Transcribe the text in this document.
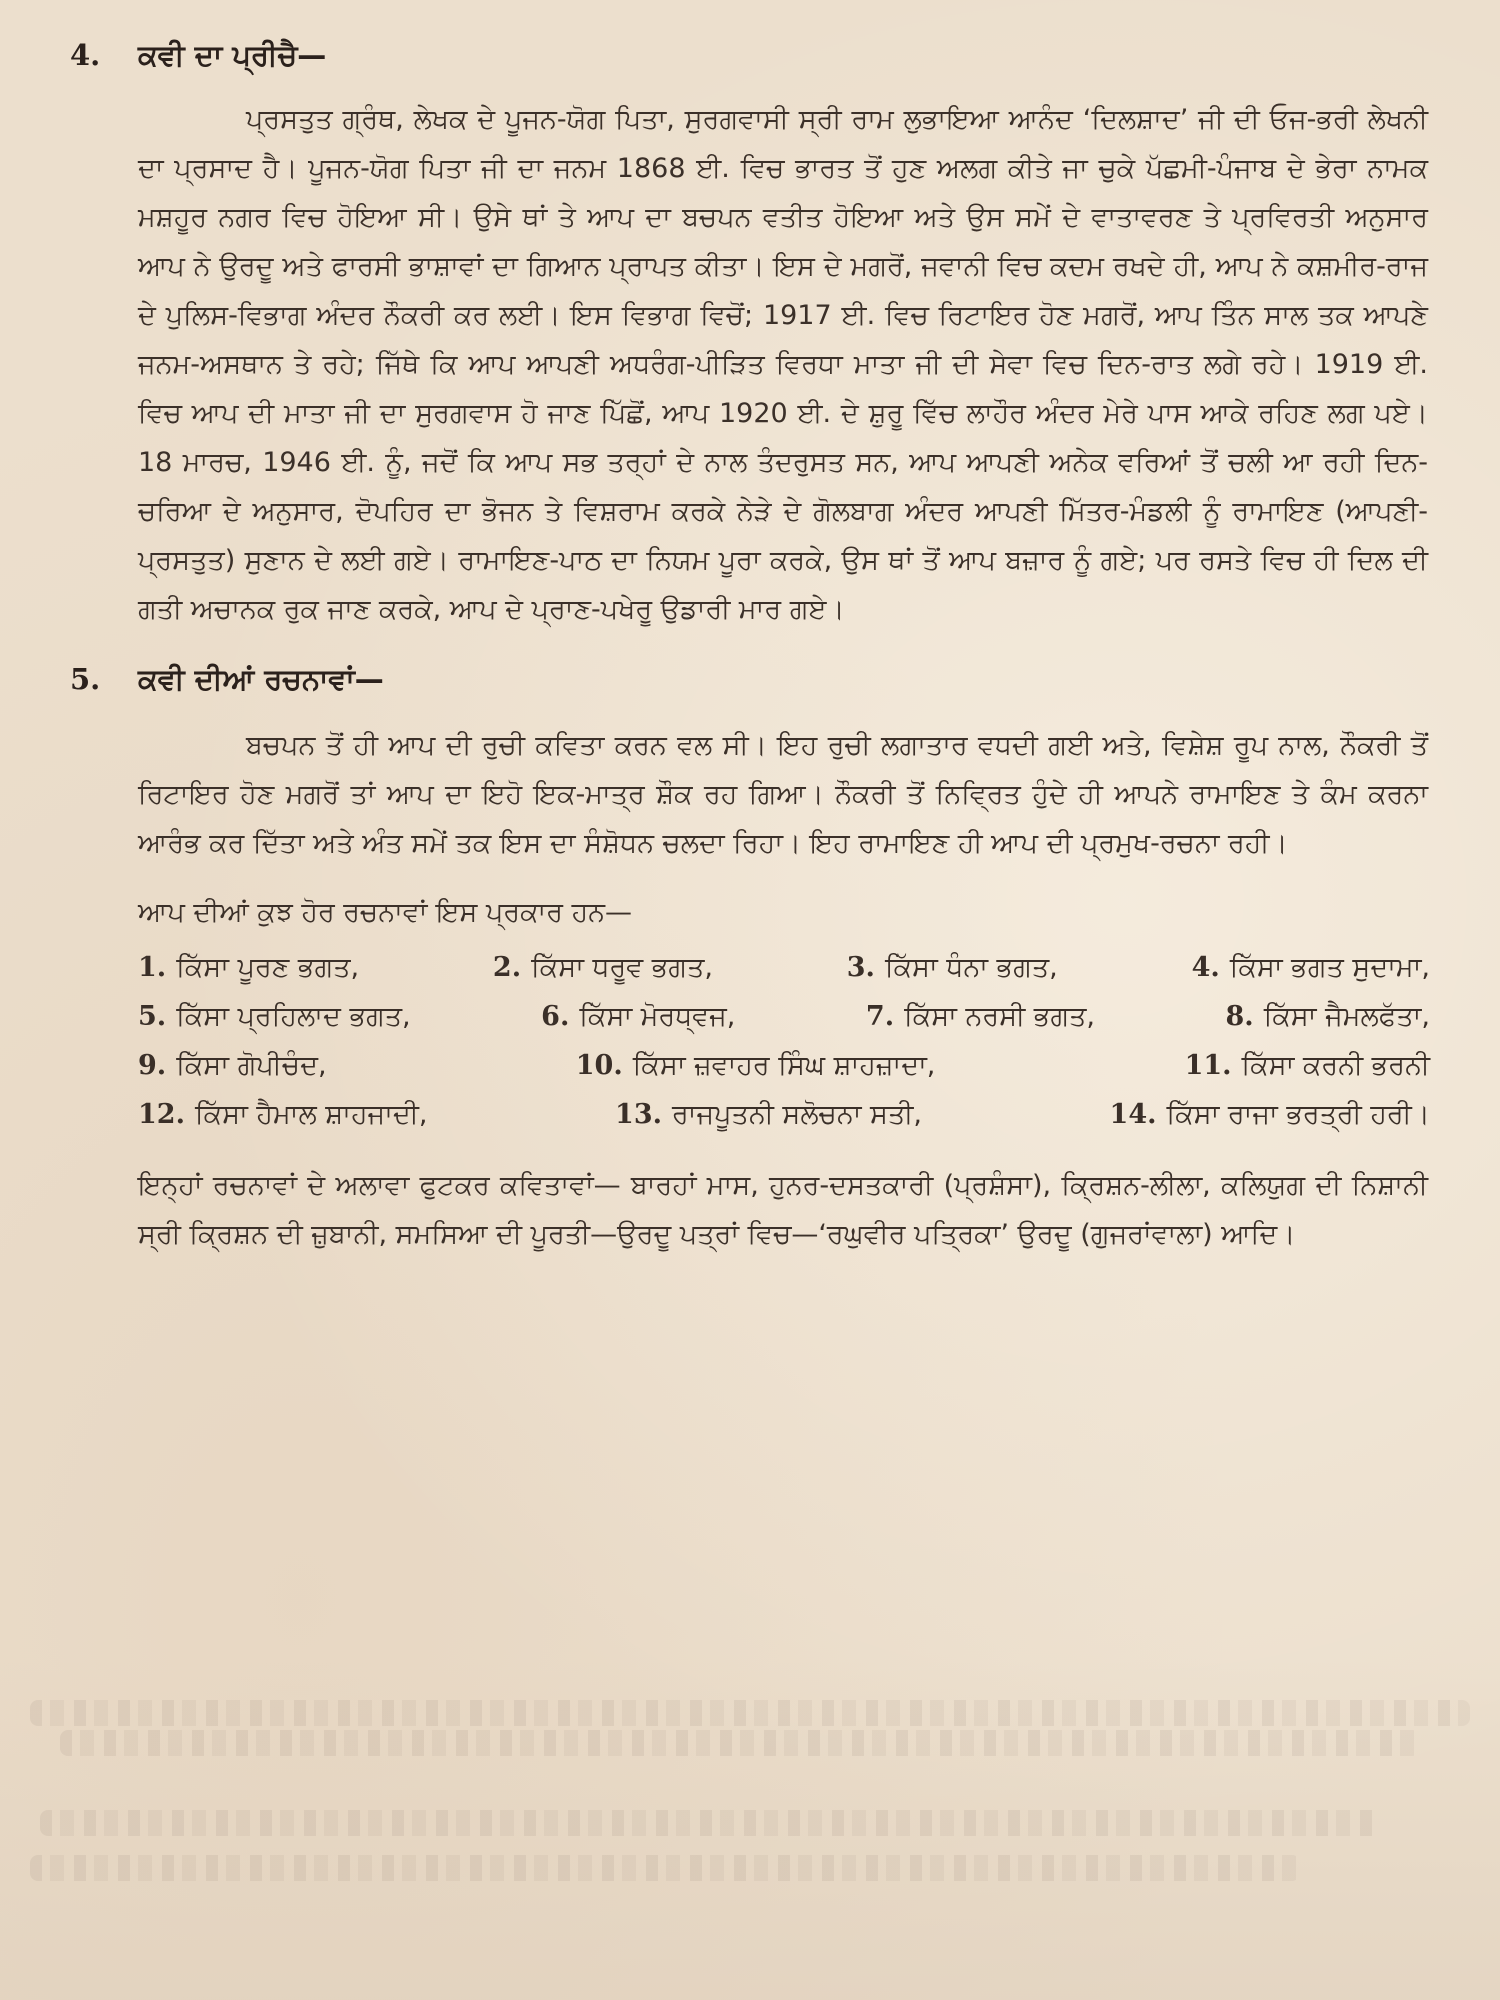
4.	ਕਵੀ ਦਾ ਪ੍ਰੀਚੈ—

ਪ੍ਰਸਤੁਤ ਗ੍ਰੰਥ, ਲੇਖਕ ਦੇ ਪੂਜਨ-ਯੋਗ ਪਿਤਾ, ਸੁਰਗਵਾਸੀ ਸ੍ਰੀ ਰਾਮ ਲੁਭਾਇਆ ਆਨੰਦ ‘ਦਿਲਸ਼ਾਦ’ ਜੀ ਦੀ ਓਜ-ਭਰੀ ਲੇਖਨੀ ਦਾ ਪ੍ਰਸਾਦ ਹੈ। ਪੂਜਨ-ਯੋਗ ਪਿਤਾ ਜੀ ਦਾ ਜਨਮ 1868 ਈ. ਵਿਚ ਭਾਰਤ ਤੋਂ ਹੁਣ ਅਲਗ ਕੀਤੇ ਜਾ ਚੁਕੇ ਪੱਛਮੀ-ਪੰਜਾਬ ਦੇ ਭੇਰਾ ਨਾਮਕ ਮਸ਼ਹੂਰ ਨਗਰ ਵਿਚ ਹੋਇਆ ਸੀ। ਉਸੇ ਥਾਂ ਤੇ ਆਪ ਦਾ ਬਚਪਨ ਵਤੀਤ ਹੋਇਆ ਅਤੇ ਉਸ ਸਮੇਂ ਦੇ ਵਾਤਾਵਰਣ ਤੇ ਪ੍ਰਵਿਰਤੀ ਅਨੁਸਾਰ ਆਪ ਨੇ ਉਰਦੂ ਅਤੇ ਫਾਰਸੀ ਭਾਸ਼ਾਵਾਂ ਦਾ ਗਿਆਨ ਪ੍ਰਾਪਤ ਕੀਤਾ। ਇਸ ਦੇ ਮਗਰੋਂ, ਜਵਾਨੀ ਵਿਚ ਕਦਮ ਰਖਦੇ ਹੀ, ਆਪ ਨੇ ਕਸ਼ਮੀਰ-ਰਾਜ ਦੇ ਪੁਲਿਸ-ਵਿਭਾਗ ਅੰਦਰ ਨੌਕਰੀ ਕਰ ਲਈ। ਇਸ ਵਿਭਾਗ ਵਿਚੋਂ; 1917 ਈ. ਵਿਚ ਰਿਟਾਇਰ ਹੋਣ ਮਗਰੋਂ, ਆਪ ਤਿੰਨ ਸਾਲ ਤਕ ਆਪਣੇ ਜਨਮ-ਅਸਥਾਨ ਤੇ ਰਹੇ; ਜਿੱਥੇ ਕਿ ਆਪ ਆਪਣੀ ਅਧਰੰਗ-ਪੀੜਿਤ ਵਿਰਧਾ ਮਾਤਾ ਜੀ ਦੀ ਸੇਵਾ ਵਿਚ ਦਿਨ-ਰਾਤ ਲਗੇ ਰਹੇ। 1919 ਈ. ਵਿਚ ਆਪ ਦੀ ਮਾਤਾ ਜੀ ਦਾ ਸੁਰਗਵਾਸ ਹੋ ਜਾਣ ਪਿੱਛੋਂ, ਆਪ 1920 ਈ. ਦੇ ਸ਼ੁਰੂ ਵਿੱਚ ਲਾਹੌਰ ਅੰਦਰ ਮੇਰੇ ਪਾਸ ਆਕੇ ਰਹਿਣ ਲਗ ਪਏ। 18 ਮਾਰਚ, 1946 ਈ. ਨੂੰ, ਜਦੋਂ ਕਿ ਆਪ ਸਭ ਤਰ੍ਹਾਂ ਦੇ ਨਾਲ ਤੰਦਰੁਸਤ ਸਨ, ਆਪ ਆਪਣੀ ਅਨੇਕ ਵਰਿਆਂ ਤੋਂ ਚਲੀ ਆ ਰਹੀ ਦਿਨ-ਚਰਿਆ ਦੇ ਅਨੁਸਾਰ, ਦੋਪਹਿਰ ਦਾ ਭੋਜਨ ਤੇ ਵਿਸ਼ਰਾਮ ਕਰਕੇ ਨੇੜੇ ਦੇ ਗੋਲਬਾਗ ਅੰਦਰ ਆਪਣੀ ਮਿੱਤਰ-ਮੰਡਲੀ ਨੂੰ ਰਾਮਾਇਣ (ਆਪਣੀ-ਪ੍ਰਸਤੁਤ) ਸੁਣਾਨ ਦੇ ਲਈ ਗਏ। ਰਾਮਾਇਣ-ਪਾਠ ਦਾ ਨਿਯਮ ਪੂਰਾ ਕਰਕੇ, ਉਸ ਥਾਂ ਤੋਂ ਆਪ ਬਜ਼ਾਰ ਨੂੰ ਗਏ; ਪਰ ਰਸਤੇ ਵਿਚ ਹੀ ਦਿਲ ਦੀ ਗਤੀ ਅਚਾਨਕ ਰੁਕ ਜਾਣ ਕਰਕੇ, ਆਪ ਦੇ ਪ੍ਰਾਣ-ਪਖੇਰੂ ਉਡਾਰੀ ਮਾਰ ਗਏ।

5.	ਕਵੀ ਦੀਆਂ ਰਚਨਾਵਾਂ—

ਬਚਪਨ ਤੋਂ ਹੀ ਆਪ ਦੀ ਰੁਚੀ ਕਵਿਤਾ ਕਰਨ ਵਲ ਸੀ। ਇਹ ਰੁਚੀ ਲਗਾਤਾਰ ਵਧਦੀ ਗਈ ਅਤੇ, ਵਿਸ਼ੇਸ਼ ਰੂਪ ਨਾਲ, ਨੌਕਰੀ ਤੋਂ ਰਿਟਾਇਰ ਹੋਣ ਮਗਰੋਂ ਤਾਂ ਆਪ ਦਾ ਇਹੋ ਇਕ-ਮਾਤ੍ਰ ਸ਼ੌਕ ਰਹ ਗਿਆ। ਨੌਕਰੀ ਤੋਂ ਨਿਵ੍ਰਿਤ ਹੁੰਦੇ ਹੀ ਆਪਨੇ ਰਾਮਾਇਣ ਤੇ ਕੰਮ ਕਰਨਾ ਆਰੰਭ ਕਰ ਦਿੱਤਾ ਅਤੇ ਅੰਤ ਸਮੇਂ ਤਕ ਇਸ ਦਾ ਸੰਸ਼ੋਧਨ ਚਲਦਾ ਰਿਹਾ। ਇਹ ਰਾਮਾਇਣ ਹੀ ਆਪ ਦੀ ਪ੍ਰਮੁਖ-ਰਚਨਾ ਰਹੀ।

ਆਪ ਦੀਆਂ ਕੁਝ ਹੋਰ ਰਚਨਾਵਾਂ ਇਸ ਪ੍ਰਕਾਰ ਹਨ—

1. ਕਿੱਸਾ ਪੂਰਣ ਭਗਤ,	2. ਕਿੱਸਾ ਧਰੂਵ ਭਗਤ,	3. ਕਿੱਸਾ ਧੰਨਾ ਭਗਤ,	4. ਕਿੱਸਾ ਭਗਤ ਸੁਦਾਮਾ,
5. ਕਿੱਸਾ ਪ੍ਰਹਿਲਾਦ ਭਗਤ,	6. ਕਿੱਸਾ ਮੋਰਧ੍ਵਜ,	7. ਕਿੱਸਾ ਨਰਸੀ ਭਗਤ,	8. ਕਿੱਸਾ ਜੈਮਲਫੱਤਾ,
9. ਕਿੱਸਾ ਗੋਪੀਚੰਦ,	10. ਕਿੱਸਾ ਜ਼ਵਾਹਰ ਸਿੰਘ ਸ਼ਾਹਜ਼ਾਦਾ,	11. ਕਿੱਸਾ ਕਰਨੀ ਭਰਨੀ
12. ਕਿੱਸਾ ਹੈਮਾਲ ਸ਼ਾਹਜਾਦੀ,	13. ਰਾਜਪੂਤਨੀ ਸਲੋਚਨਾ ਸਤੀ,	14. ਕਿੱਸਾ ਰਾਜਾ ਭਰਤ੍ਰੀ ਹਰੀ।

ਇਨ੍ਹਾਂ ਰਚਨਾਵਾਂ ਦੇ ਅਲਾਵਾ ਫੁਟਕਰ ਕਵਿਤਾਵਾਂ— ਬਾਰਹਾਂ ਮਾਸ, ਹੁਨਰ-ਦਸਤਕਾਰੀ (ਪ੍ਰਸ਼ੰਸਾ), ਕ੍ਰਿਸ਼ਨ-ਲੀਲਾ, ਕਲਿਯੁਗ ਦੀ ਨਿਸ਼ਾਨੀ ਸ੍ਰੀ ਕ੍ਰਿਸ਼ਨ ਦੀ ਜ਼ੁਬਾਨੀ, ਸਮਸਿਆ ਦੀ ਪੂਰਤੀ—ਉਰਦੂ ਪਤ੍ਰਾਂ ਵਿਚ—‘ਰਘੁਵੀਰ ਪਤ੍ਰਿਕਾ’ ਉਰਦੂ (ਗੁਜਰਾਂਵਾਲਾ) ਆਦਿ।
